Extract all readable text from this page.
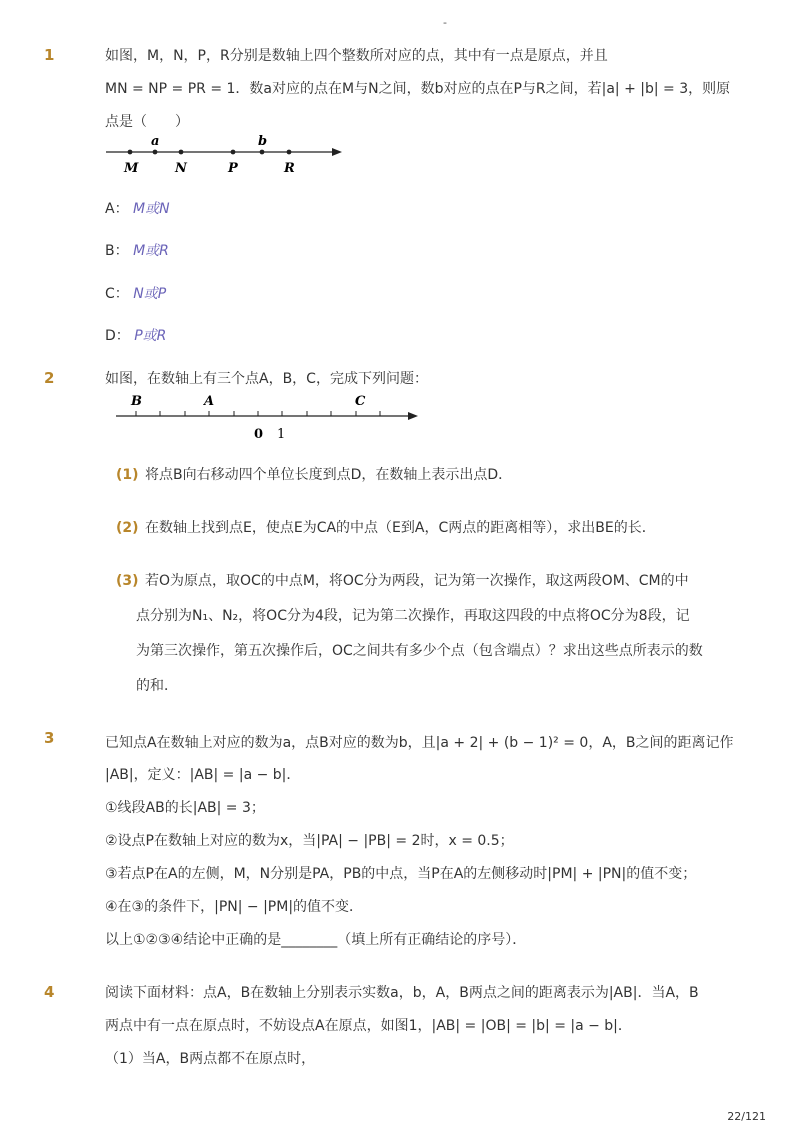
-
1	如图，M，N，P，R分别是数轴上四个整数所对应的点，其中有一点是原点，并且
MN = NP = PR = 1．数a对应的点在M与N之间，数b对应的点在P与R之间，若|a| + |b| = 3，则原
点是（　　）
a	b
M	N	P	R
A： M或N
B： M或R
C： N或P
D： P或R
2	如图，在数轴上有三个点A，B，C，完成下列问题：
B	A	C
0 1
(1) 将点B向右移动四个单位长度到点D，在数轴上表示出点D．
(2) 在数轴上找到点E，使点E为CA的中点（E到A，C两点的距离相等），求出BE的长．
(3) 若O为原点，取OC的中点M，将OC分为两段，记为第一次操作，取这两段OM、CM的中
点分别为N₁、N₂，将OC分为4段，记为第二次操作，再取这四段的中点将OC分为8段，记
为第三次操作，第五次操作后，OC之间共有多少个点（包含端点）？求出这些点所表示的数
的和．
3	已知点A在数轴上对应的数为a，点B对应的数为b，且|a + 2| + (b − 1)² = 0，A，B之间的距离记作
|AB|，定义：|AB| = |a − b|．
①线段AB的长|AB| = 3；
②设点P在数轴上对应的数为x，当|PA| − |PB| = 2时，x = 0.5；
③若点P在A的左侧，M，N分别是PA，PB的中点，当P在A的左侧移动时|PM| + |PN|的值不变；
④在③的条件下，|PN| − |PM|的值不变．
以上①②③④结论中正确的是________（填上所有正确结论的序号）．
4	阅读下面材料：点A，B在数轴上分别表示实数a，b，A，B两点之间的距离表示为|AB|．当A，B
两点中有一点在原点时，不妨设点A在原点，如图1，|AB| = |OB| = |b| = |a − b|．
（1）当A，B两点都不在原点时，
22/121
